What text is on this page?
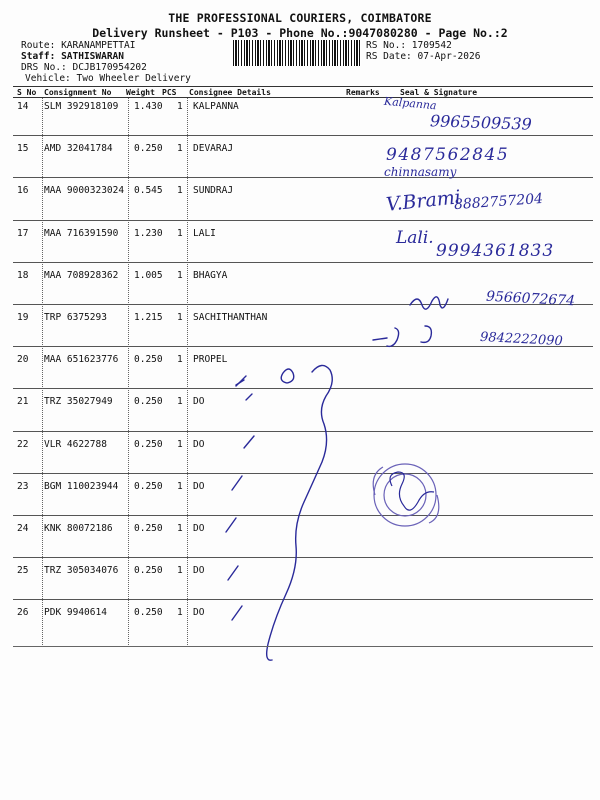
THE PROFESSIONAL COURIERS, COIMBATORE
Delivery Runsheet - P103 - Phone No.:9047080280 - Page No.:2
Route: KARANAMPETTAI
Staff: SATHISWARAN
DRS No.: DCJB170954202
Vehicle: Two Wheeler Delivery
RS No.: 1709542
RS Date: 07-Apr-2026
S No Consignment No Weight PCS Consignee Details	Remarks	Seal & Signature
14 SLM 392918109 1.430 1 KALPANNA
15 AMD 32041784 0.250 1 DEVARAJ
16 MAA 9000323024 0.545 1 SUNDRAJ
17 MAA 716391590 1.230 1 LALI
18 MAA 708928362 1.005 1 BHAGYA
19 TRP 6375293	1.215 1 SACHITHANTHAN
20 MAA 651623776 0.250 1 PROPEL
21 TRZ 35027949 0.250 1 DO
22 VLR 4622788	0.250 1 DO
23 BGM 110023944 0.250 1 DO
24 KNK 80072186 0.250 1 DO
25 TRZ 305034076 0.250 1 DO
26 PDK 9940614	0.250 1 DO
Kalpanna
9965509539
9487562845
chinnasamy
V.Brami
8882757204
Lali.
9994361833
9566072674
9842222090
